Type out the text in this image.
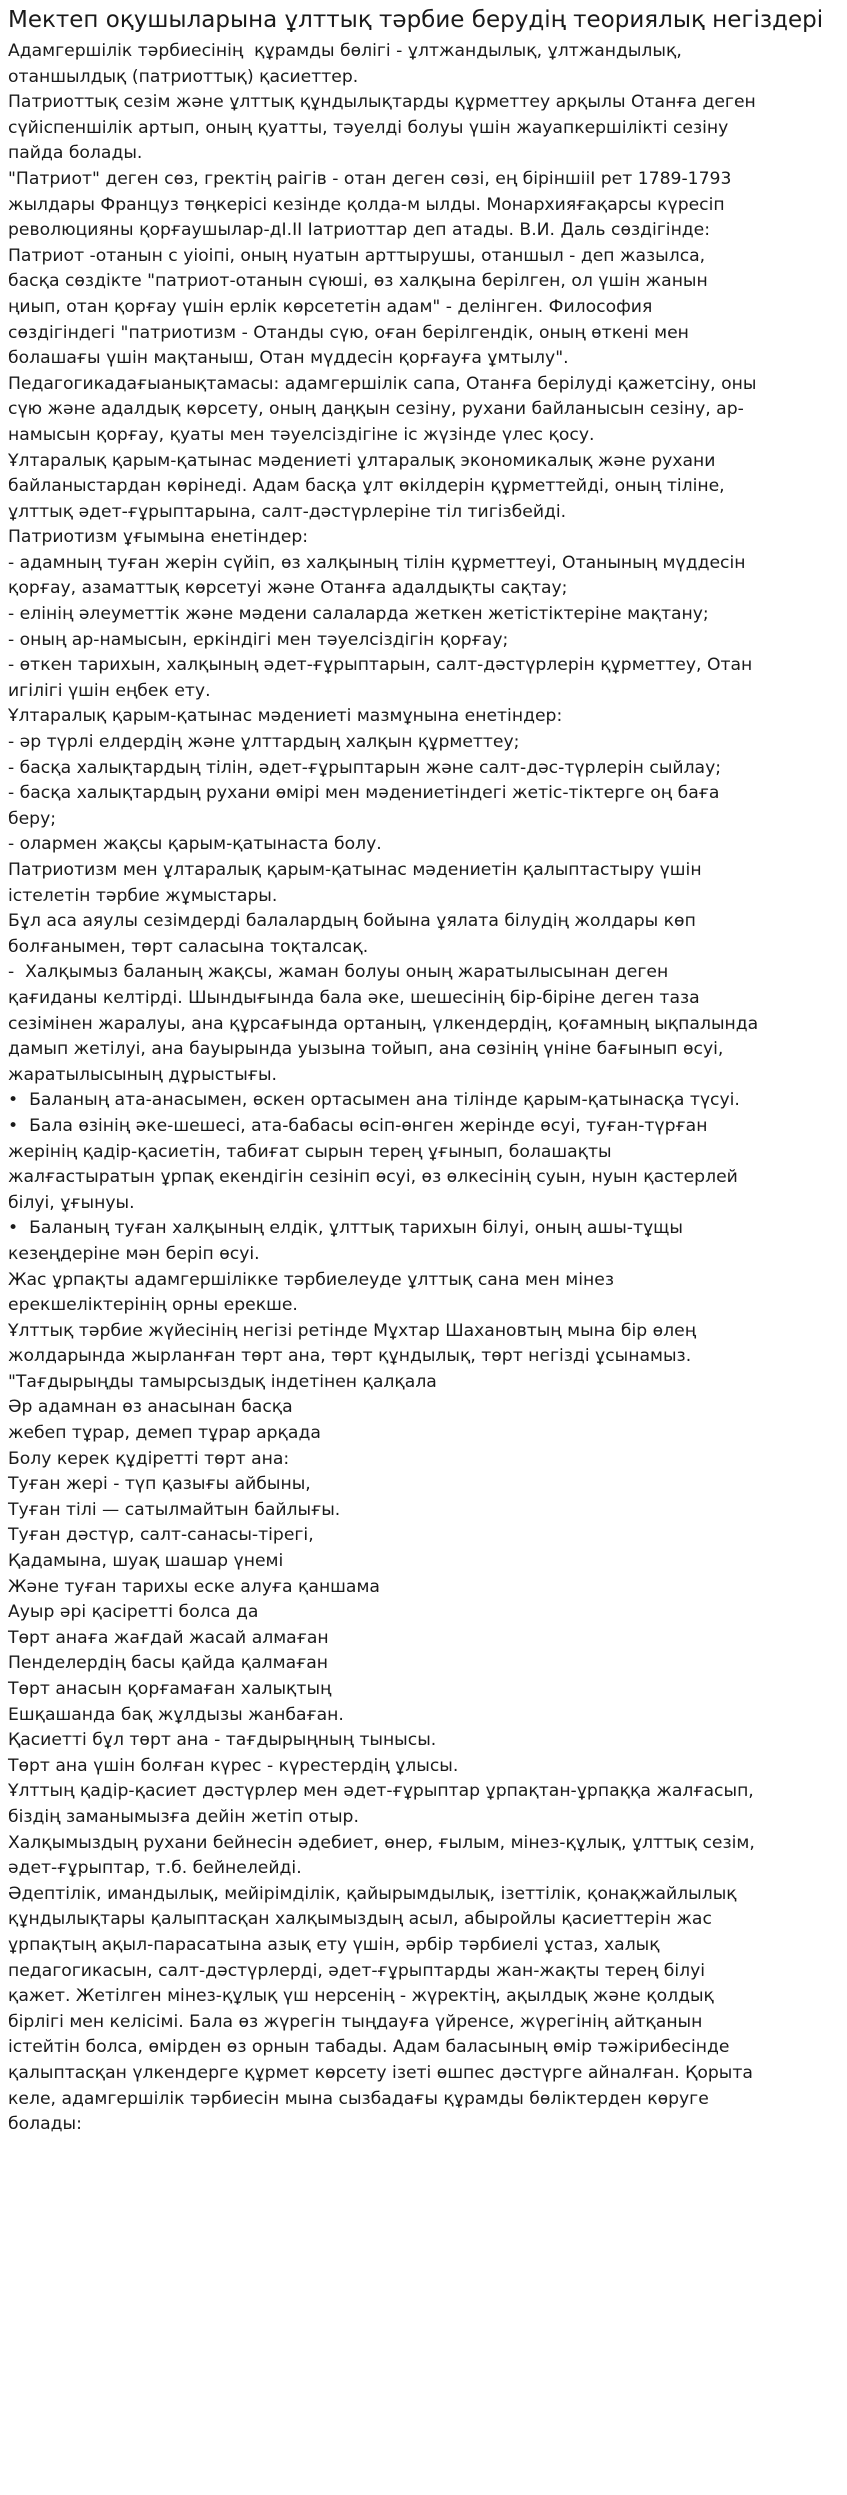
Мектеп оқушыларына ұлттық тәрбие берудің теориялық негіздері

Адамгершілік тәрбиесінің  құрамды бөлігі - ұлтжандылық, ұлтжандылық,

отаншылдық (патриоттық) қасиеттер.

Патриоттық сезім және ұлттық құндылықтарды құрметтеу арқылы Отанға деген

сүйіспеншілік артып, оның қуатты, тәуелді болуы үшін жауапкершілікті сезіну

пайда болады.

"Патриот" деген сөз, гректің раігів - отан деген сөзі, ең біріншііІ рет 1789-1793

жылдары Француз төңкерісі кезінде қолда-м ылды. Монархияғақарсы күресіп

революцияны қорғаушылар-дІ.ІІ Іатриоттар деп атады. В.И. Даль сөздігінде:

Патриот -отанын с уіоіпі, оның нуатын арттырушы, отаншыл - деп жазылса,

басқа сөздікте "патриот-отанын сүюші, өз халқына берілген, ол үшін жанын

ңиып, отан қорғау үшін ерлік көрсететін адам" - делінген. Философия

сөздігіндегі "патриотизм - Отанды сүю, оған берілгендік, оның өткені мен

болашағы үшін мақтаныш, Отан мүддесін қорғауға ұмтылу".

Педагогикадағыанықтамасы: адамгершілік сапа, Отанға берілуді қажетсіну, оны

сүю және адалдық көрсету, оның даңқын сезіну, рухани байланысын сезіну, ар-

намысын қорғау, қуаты мен тәуелсіздігіне іс жүзінде үлес қосу.

Ұлтаралық қарым-қатынас мәдениеті ұлтаралық экономикалық және рухани

байланыстардан көрінеді. Адам басқа ұлт өкілдерін құрметтейді, оның тіліне,

ұлттық әдет-ғұрыптарына, салт-дәстүрлеріне тіл тигізбейді.

Патриотизм ұғымына енетіндер:

- адамның туған жерін сүйіп, өз халқының тілін құрметтеуі, Отанының мүддесін

қорғау, азаматтық көрсетуі және Отанға адалдықты сақтау;

- елінің әлеуметтік және мәдени салаларда жеткен жетістіктеріне мақтану;

- оның ар-намысын, еркіндігі мен тәуелсіздігін қорғау;

- өткен тарихын, халқының әдет-ғұрыптарын, салт-дәстүрлерін құрметтеу, Отан

игілігі үшін еңбек ету.

Ұлтаралық қарым-қатынас мәдениеті мазмұнына енетіндер:

- әр түрлі елдердің және ұлттардың халқын құрметтеу;

- басқа халықтардың тілін, әдет-ғұрыптарын және салт-дәс-түрлерін сыйлау;

- басқа халықтардың рухани өмірі мен мәдениетіндегі жетіс-тіктерге оң баға

беру;

- олармен жақсы қарым-қатынаста болу.

Патриотизм мен ұлтаралық қарым-қатынас мәдениетін қалыптастыру үшін

істелетін тәрбие жұмыстары.

Бұл аса аяулы сезімдерді балалардың бойына ұялата білудің жолдары көп

болғанымен, төрт саласына тоқталсақ.

-  Халқымыз баланың жақсы, жаман болуы оның жаратылысынан деген

қағиданы келтірді. Шындығында бала әке, шешесінің бір-біріне деген таза

сезімінен жаралуы, ана құрсағында ортаның, үлкендердің, қоғамның ықпалында

дамып жетілуі, ана бауырында уызына тойып, ана сөзінің үніне бағынып өсуі,

жаратылысының дұрыстығы.

•  Баланың ата-анасымен, өскен ортасымен ана тілінде қарым-қатынасқа түсуі.

•  Бала өзінің әке-шешесі, ата-бабасы өсіп-өнген жерінде өсуі, туған-түрған

жерінің қадір-қасиетін, табиғат сырын терең ұғынып, болашақты

жалғастыратын ұрпақ екендігін сезініп өсуі, өз өлкесінің суын, нуын қастерлей

білуі, ұғынуы.

•  Баланың туған халқының елдік, ұлттық тарихын білуі, оның ашы-тұщы

кезеңдеріне мән беріп өсуі.

Жас ұрпақты адамгершілікке тәрбиелеуде ұлттық сана мен мінез

ерекшеліктерінің орны ерекше.

Ұлттық тәрбие жүйесінің негізі ретінде Мұхтар Шахановтың мына бір өлең

жолдарында жырланған төрт ана, төрт құндылық, төрт негізді ұсынамыз.

"Тағдырыңды тамырсыздық індетінен қалқала

Әр адамнан өз анасынан басқа

жебеп тұрар, демеп тұрар арқада

Болу керек құдіретті төрт ана:

Туған жері - түп қазығы айбыны,

Туған тілі — сатылмайтын байлығы.

Туған дәстүр, салт-санасы-тірегі,

Қадамына, шуақ шашар үнемі

Және туған тарихы еске алуға қаншама

Ауыр әрі қасіретті болса да

Төрт анаға жағдай жасай алмаған

Пенделердің басы қайда қалмаған

Төрт анасын қорғамаған халықтың

Ешқашанда бақ жұлдызы жанбаған.

Қасиетті бұл төрт ана - тағдырыңның тынысы.

Төрт ана үшін болған күрес - күрестердің ұлысы.

Ұлттың қадір-қасиет дәстүрлер мен әдет-ғұрыптар ұрпақтан-ұрпаққа жалғасып,

біздің заманымызға дейін жетіп отыр.

Халқымыздың рухани бейнесін әдебиет, өнер, ғылым, мінез-құлық, ұлттық сезім,

әдет-ғұрыптар, т.б. бейнелейді.

Әдептілік, имандылық, мейірімділік, қайырымдылық, ізеттілік, қонақжайлылық

құндылықтары қалыптасқан халқымыздың асыл, абыройлы қасиеттерін жас

ұрпақтың ақыл-парасатына азық ету үшін, әрбір тәрбиелі ұстаз, халық

педагогикасын, салт-дәстүрлерді, әдет-ғұрыптарды жан-жақты терең білуі

қажет. Жетілген мінез-құлық үш нерсенің - жүректің, ақылдық және қолдық

бірлігі мен келісімі. Бала өз жүрегін тыңдауға үйренсе, жүрегінің айтқанын

істейтін болса, өмірден өз орнын табады. Адам баласының өмір тәжірибесінде

қалыптасқан үлкендерге құрмет көрсету ізеті өшпес дәстүрге айналған. Қорыта

келе, адамгершілік тәрбиесін мына сызбадағы құрамды бөліктерден көруге

болады:
